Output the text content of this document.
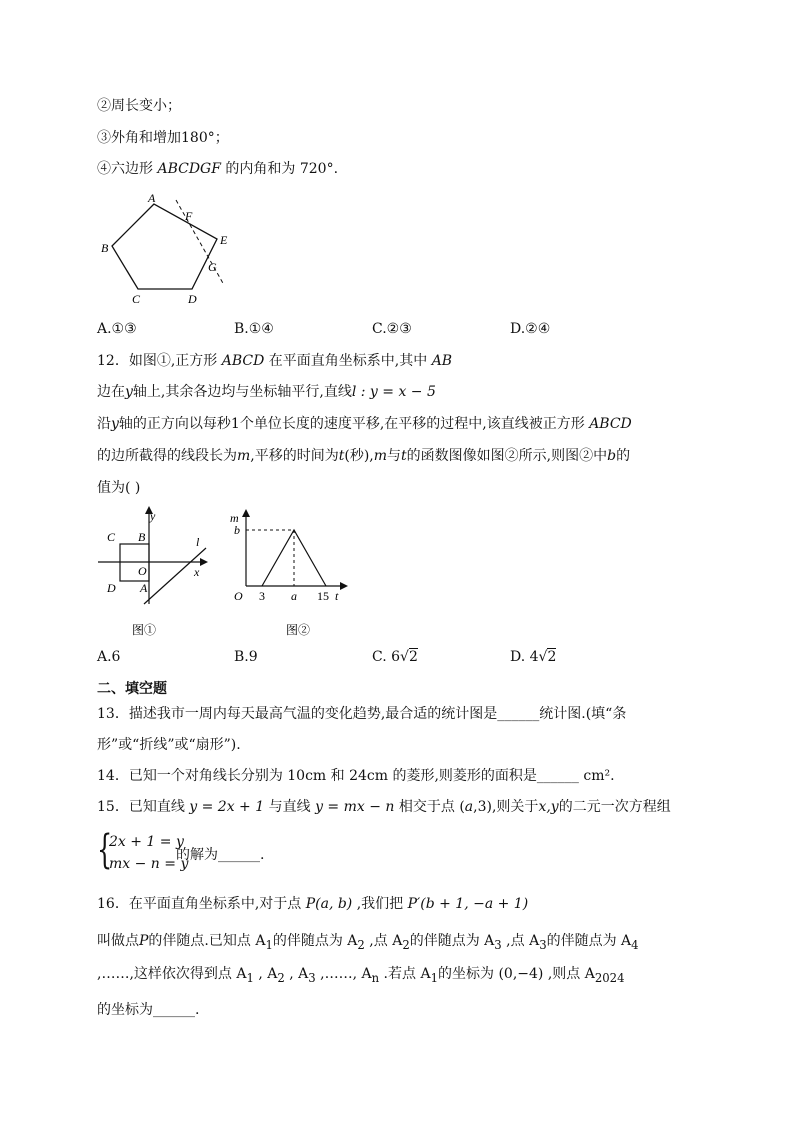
②周长变小；
③外角和增加180°；
④六边形 ABCDGF 的内角和为 720°.
A
B
C	D
E
F
G
A.①③	B.①④	C.②③	D.②④
12．如图①,正方形 ABCD 在平面直角坐标系中,其中 AB
边在y轴上,其余各边均与坐标轴平行,直线l : y = x − 5
沿y轴的正方向以每秒1个单位长度的速度平移,在平移的过程中,该直线被正方形 ABCD
的边所截得的线段长为m,平移的时间为t(秒),m与t的函数图像如图②所示,则图②中b的
值为( )
y
x
l
C B
D A
O
图①
m
b
O 3 a 15 t
图②
A.6	B.9	C. 6√2	D. 4√2
二、填空题
13．描述我市一周内每天最高气温的变化趋势,最合适的统计图是______统计图.(填“条
形”或“折线”或“扇形”).
14．已知一个对角线长分别为 10cm 和 24cm 的菱形,则菱形的面积是______ cm².
15．已知直线 y = 2x + 1 与直线 y = mx − n 相交于点 (a,3),则关于x,y的二元一次方程组
{
2x + 1 = y
mx − n = y
的解为______.
16．在平面直角坐标系中,对于点 P(a, b) ,我们把 P′(b + 1, −a + 1)
叫做点P的伴随点.已知点 $A_1$的伴随点为 $A_2$ ,点 $A_2$的伴随点为 $A_3$ ,点 $A_3$的伴随点为 $A_4$
,……,这样依次得到点 $A_1$ , $A_2$ , $A_3$ ,……, $A_n$ .若点 $A_1$的坐标为 (0,−4) ,则点 $A_{2024}$
的坐标为______.
